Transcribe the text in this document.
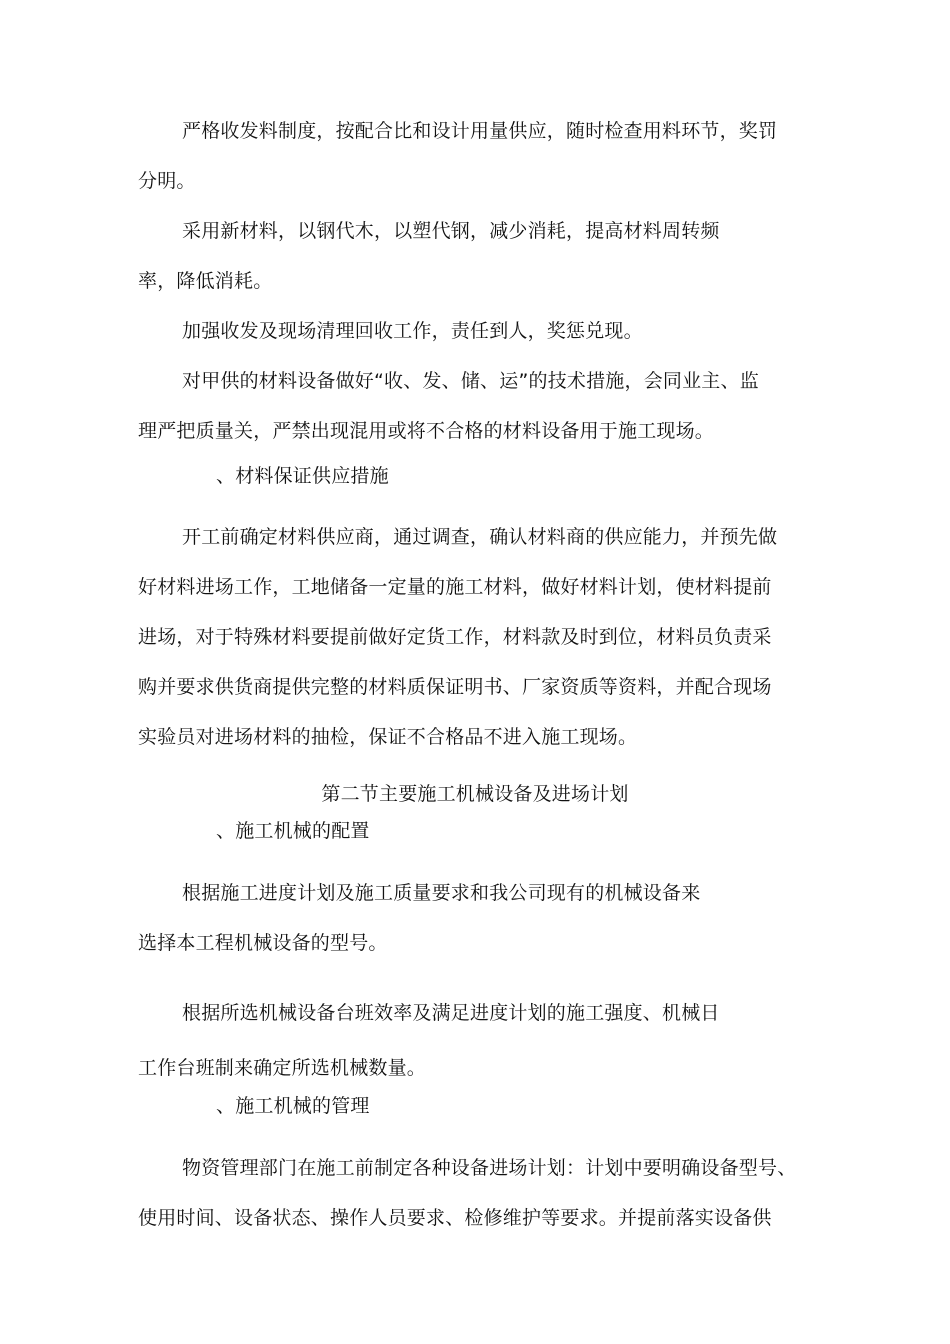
严格收发料制度，按配合比和设计用量供应，随时检查用料环节，奖罚

分明。

采用新材料，以钢代木，以塑代钢，减少消耗，提高材料周转频

率，降低消耗。

加强收发及现场清理回收工作，责任到人，奖惩兑现。

对甲供的材料设备做好“收、发、储、运”的技术措施，会同业主、监

理严把质量关，严禁出现混用或将不合格的材料设备用于施工现场。

、材料保证供应措施

开工前确定材料供应商，通过调查，确认材料商的供应能力，并预先做

好材料进场工作，工地储备一定量的施工材料，做好材料计划，使材料提前

进场，对于特殊材料要提前做好定货工作，材料款及时到位，材料员负责采

购并要求供货商提供完整的材料质保证明书、厂家资质等资料，并配合现场

实验员对进场材料的抽检，保证不合格品不进入施工现场。

第二节主要施工机械设备及进场计划

、施工机械的配置

根据施工进度计划及施工质量要求和我公司现有的机械设备来

选择本工程机械设备的型号。

根据所选机械设备台班效率及满足进度计划的施工强度、机械日

工作台班制来确定所选机械数量。

、施工机械的管理

物资管理部门在施工前制定各种设备进场计划：计划中要明确设备型号、

使用时间、设备状态、操作人员要求、检修维护等要求。并提前落实设备供
